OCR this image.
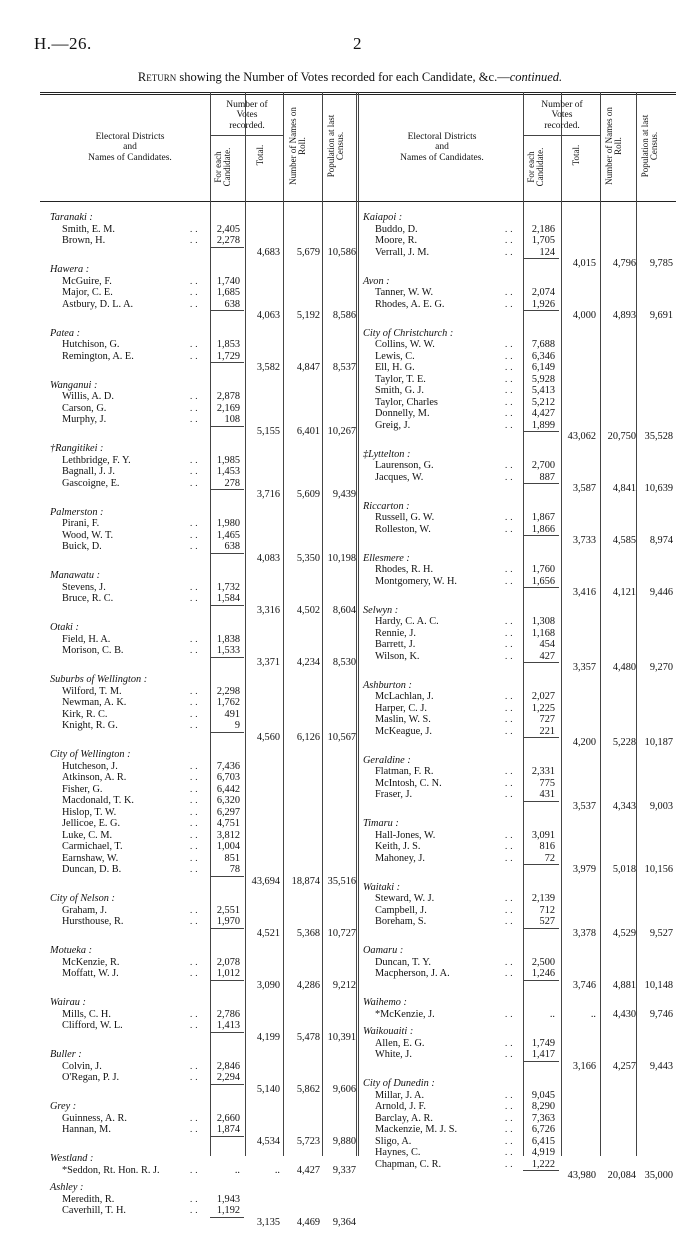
H.—26.	2
Return showing the Number of Votes recorded for each Candidate, &c.—continued.
Electoral Districts
and
Names of Candidates.
Number of
Votes
recorded.
For each
Candidate.	Total.
Number of Names on
Roll. Population at last
Census.	Electoral Districts
and
Names of Candidates.
Number of
Votes
recorded.
For each
Candidate.	Total.
Number of Names on
Roll. Population at last
Census.
Taranaki :
Smith, E. M.	..	2,405
Brown, H.	..	2,278
4,683	5,679 10,586
Hawera :
McGuire, F.	..	1,740
Major, C. E.	..	1,685
Astbury, D. L. A.	..	638
4,063	5,192	8,586
Patea :
Hutchison, G.	..	1,853
Remington, A. E.	..	1,729
3,582	4,847	8,537
Wanganui :
Willis, A. D.	..	2,878
Carson, G.	..	2,169
Murphy, J.	..	108
5,155	6,401 10,267
†Rangitikei :
Lethbridge, F. Y.	..	1,985
Bagnall, J. J.	..	1,453
Gascoigne, E.	..	278
3,716	5,609	9,439
Palmerston :
Pirani, F.	..	1,980
Wood, W. T.	..	1,465
Buick, D.	..	638
4,083	5,350 10,198
Manawatu :
Stevens, J.	..	1,732
Bruce, R. C.	..	1,584
3,316	4,502	8,604
Otaki :
Field, H. A.	..	1,838
Morison, C. B.	..	1,533
3,371	4,234	8,530
Suburbs of Wellington :
Wilford, T. M.	..	2,298
Newman, A. K.	..	1,762
Kirk, R. C.	..	491
Knight, R. G.	..	9
4,560	6,126 10,567
City of Wellington :
Hutcheson, J.	..	7,436
Atkinson, A. R.	..	6,703
Fisher, G.	..	6,442
Macdonald, T. K.	..	6,320
Hislop, T. W.	..	6,297
Jellicoe, E. G.	..	4,751
Luke, C. M.	..	3,812
Carmichael, T.	..	1,004
Earnshaw, W.	..	851
Duncan, D. B.	..	78
43,694	18,874 35,516
City of Nelson :
Graham, J.	..	2,551
Hursthouse, R.	..	1,970
4,521	5,368 10,727
Motueka :
McKenzie, R.	..	2,078
Moffatt, W. J.	..	1,012
3,090	4,286	9,212
Wairau :
Mills, C. H.	..	2,786
Clifford, W. L.	..	1,413
4,199	5,478 10,391
Buller :
Colvin, J.	..	2,846
O'Regan, P. J.	..	2,294
5,140	5,862	9,606
Grey :
Guinness, A. R.	..	2,660
Hannan, M.	..	1,874
4,534	5,723	9,880
Westland :
*Seddon, Rt. Hon. R. J.	..	..	..	4,427	9,337
Ashley :
Meredith, R.	..	1,943
Caverhill, T. H.	..	1,192
3,135	4,469	9,364
Kaiapoi :
Buddo, D.	..	2,186
Moore, R.	..	1,705
Verrall, J. M.	..	124
4,015	4,796	9,785
Avon :
Tanner, W. W.	..	2,074
Rhodes, A. E. G.	..	1,926
4,000	4,893	9,691
City of Christchurch :
Collins, W. W.	..	7,688
Lewis, C.	..	6,346
Ell, H. G.	..	6,149
Taylor, T. E.	..	5,928
Smith, G. J.	..	5,413
Taylor, Charles	..	5,212
Donnelly, M.	..	4,427
Greig, J.	..	1,899
43,062	20,750 35,528
‡Lyttelton :
Laurenson, G.	..	2,700
Jacques, W.	..	887
3,587	4,841 10,639
Riccarton :
Russell, G. W.	..	1,867
Rolleston, W.	..	1,866
3,733	4,585	8,974
Ellesmere :
Rhodes, R. H.	..	1,760
Montgomery, W. H.	..	1,656
3,416	4,121	9,446
Selwyn :
Hardy, C. A. C.	..	1,308
Rennie, J.	..	1,168
Barrett, J.	..	454
Wilson, K.	..	427
3,357	4,480	9,270
Ashburton :
McLachlan, J.	..	2,027
Harper, C. J.	..	1,225
Maslin, W. S.	..	727
McKeague, J.	..	221
4,200	5,228 10,187
Geraldine :
Flatman, F. R.	..	2,331
McIntosh, C. N.	..	775
Fraser, J.	..	431
3,537	4,343	9,003
Timaru :
Hall-Jones, W.	..	3,091
Keith, J. S.	..	816
Mahoney, J.	..	72
3,979	5,018 10,156
Waitaki :
Steward, W. J.	..	2,139
Campbell, J.	..	712
Boreham, S.	..	527
3,378	4,529	9,527
Oamaru :
Duncan, T. Y.	..	2,500
Macpherson, J. A.	..	1,246
3,746	4,881 10,148
Waihemo :
*McKenzie, J.	..	..	..	4,430	9,746
Waikouaiti :
Allen, E. G.	..	1,749
White, J.	..	1,417
3,166	4,257	9,443
City of Dunedin :
Millar, J. A.	..	9,045
Arnold, J. F.	..	8,290
Barclay, A. R.	..	7,363
Mackenzie, M. J. S.	..	6,726
Sligo, A.	..	6,415
Haynes, C.	..	4,919
Chapman, C. R.	..	1,222
43,980	20,084 35,000
